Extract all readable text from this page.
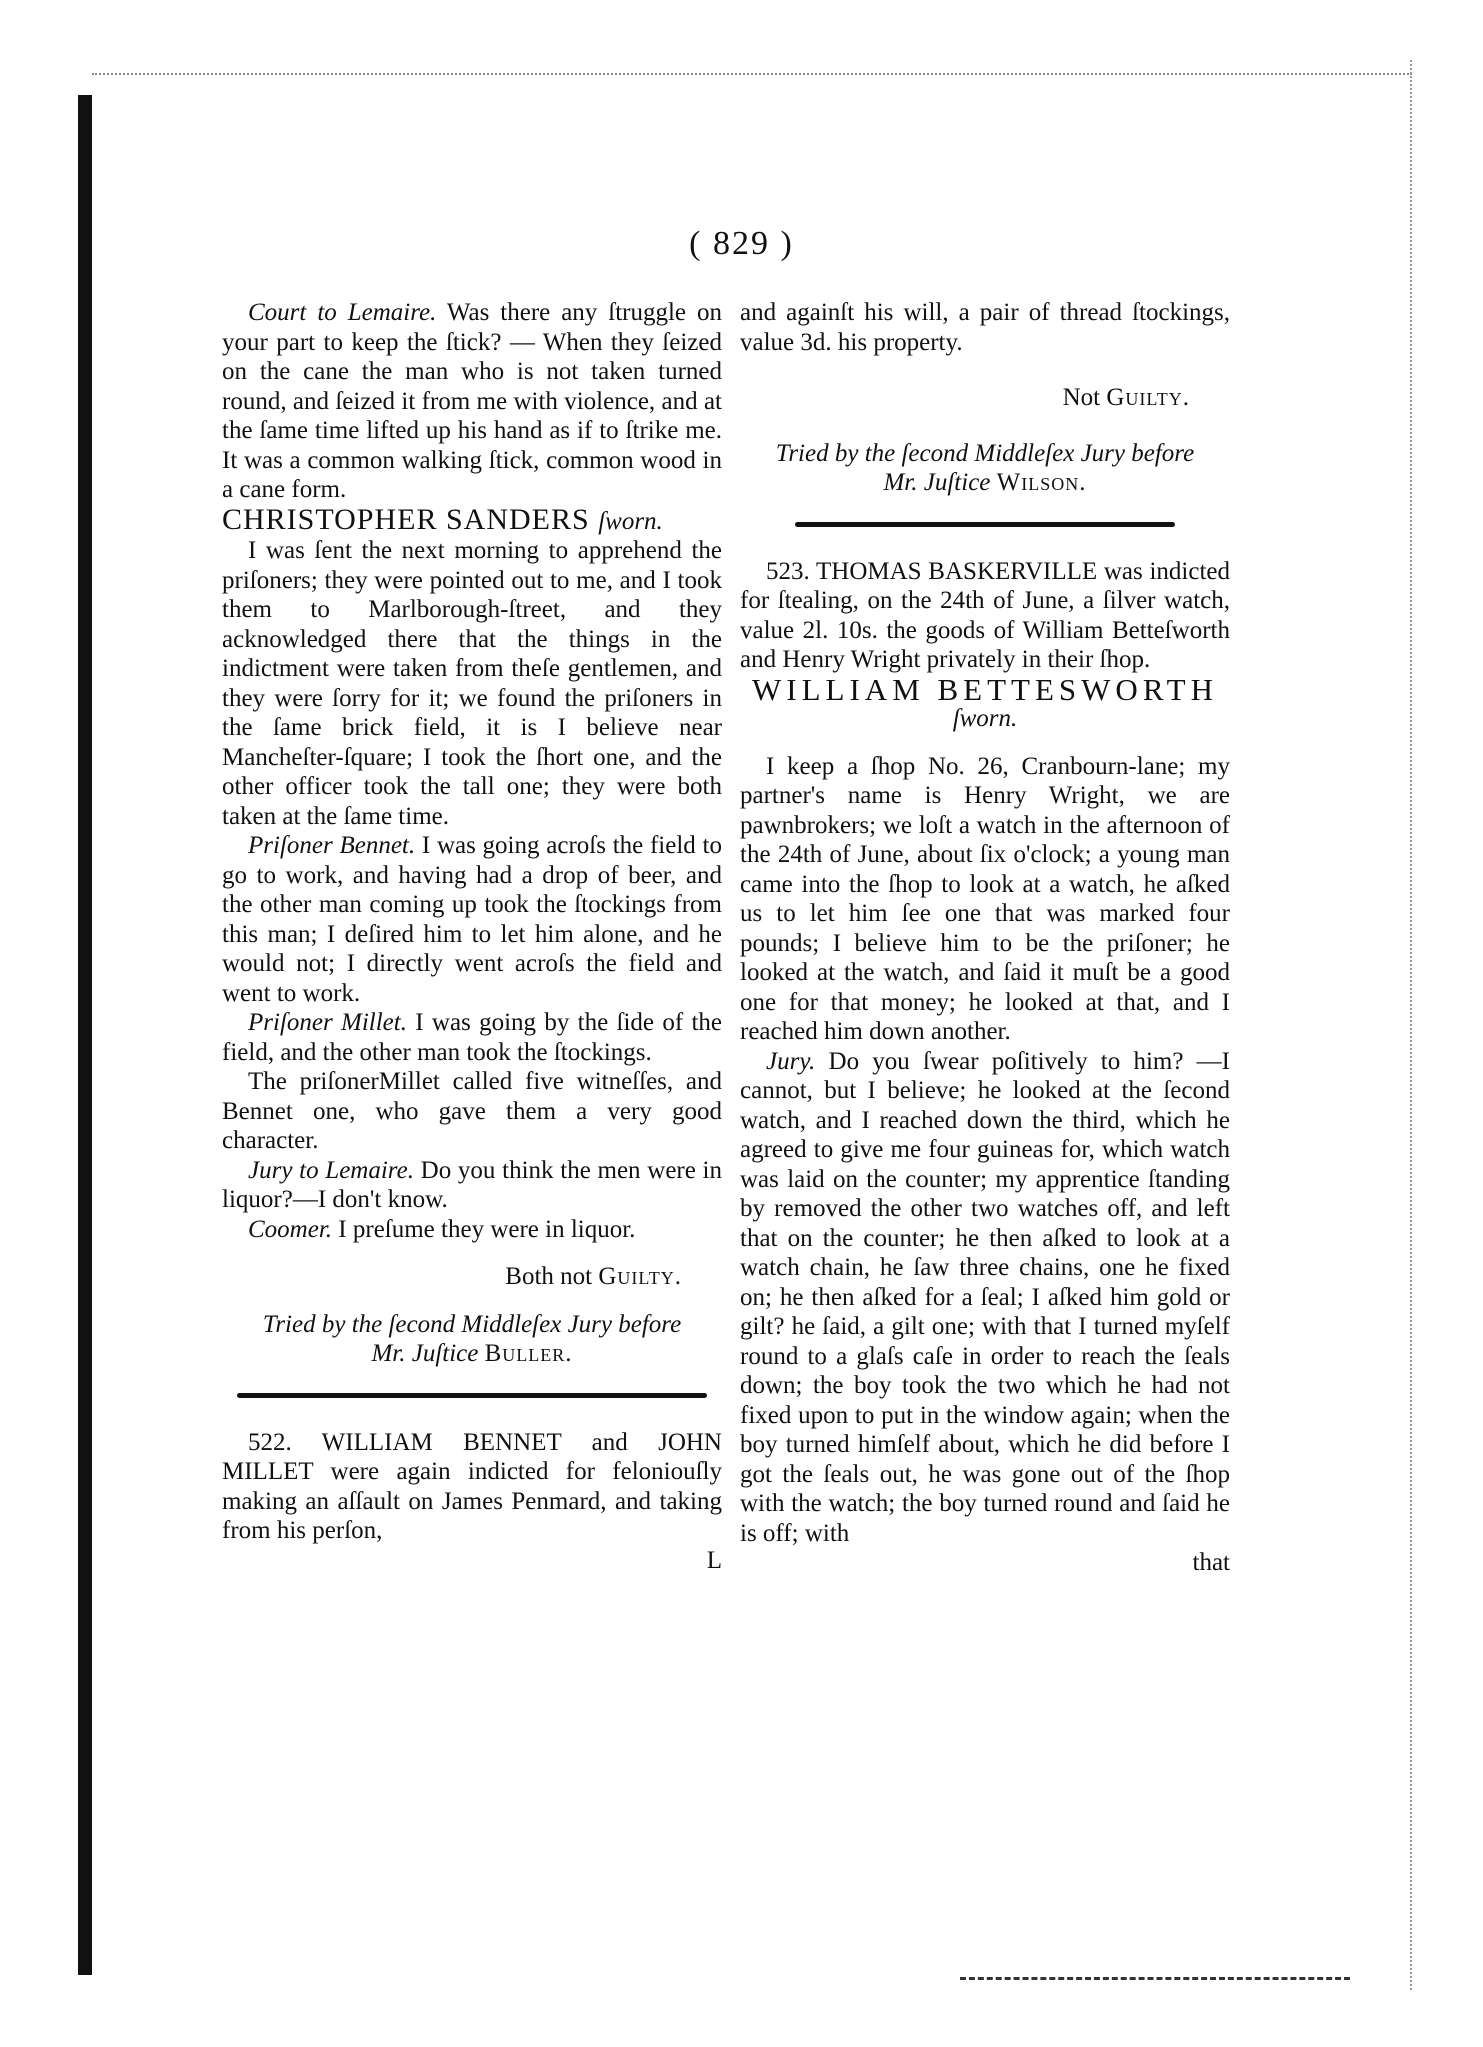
( 829 )

Court to Lemaire. Was there any ſtruggle on your part to keep the ſtick? — When they ſeized on the cane the man who is not taken turned round, and ſeized it from me with violence, and at the ſame time lifted up his hand as if to ſtrike me. It was a common walking ſtick, common wood in a cane form.

CHRISTOPHER SANDERS ſworn.

I was ſent the next morning to apprehend the priſoners; they were pointed out to me, and I took them to Marlborough-ſtreet, and they acknowledged there that the things in the indictment were taken from theſe gentlemen, and they were ſorry for it; we found the priſoners in the ſame brick field, it is I believe near Mancheſter-ſquare; I took the ſhort one, and the other officer took the tall one; they were both taken at the ſame time.

Priſoner Bennet. I was going acroſs the field to go to work, and having had a drop of beer, and the other man coming up took the ſtockings from this man; I deſired him to let him alone, and he would not; I directly went acroſs the field and went to work.

Priſoner Millet. I was going by the ſide of the field, and the other man took the ſtockings.

The priſonerMillet called five witneſſes, and Bennet one, who gave them a very good character.

Jury to Lemaire. Do you think the men were in liquor?—I don't know.

Coomer. I preſume they were in liquor.

Both not Guilty.

Tried by the ſecond Middleſex Jury before

Mr. Juſtice Buller.

522. WILLIAM BENNET and JOHN MILLET were again indicted for feloniouſly making an aſſault on James Penmard, and taking from his perſon,

L

and againſt his will, a pair of thread ſtockings, value 3d. his property.

Not Guilty.

Tried by the ſecond Middleſex Jury before

Mr. Juſtice Wilson.

523. THOMAS BASKERVILLE was indicted for ſtealing, on the 24th of June, a ſilver watch, value 2l. 10s. the goods of William Betteſworth and Henry Wright privately in their ſhop.

WILLIAM BETTESWORTH

ſworn.

I keep a ſhop No. 26, Cranbourn-lane; my partner's name is Henry Wright, we are pawnbrokers; we loſt a watch in the afternoon of the 24th of June, about ſix o'clock; a young man came into the ſhop to look at a watch, he aſked us to let him ſee one that was marked four pounds; I believe him to be the priſoner; he looked at the watch, and ſaid it muſt be a good one for that money; he looked at that, and I reached him down another.

Jury. Do you ſwear poſitively to him? —I cannot, but I believe; he looked at the ſecond watch, and I reached down the third, which he agreed to give me four guineas for, which watch was laid on the counter; my apprentice ſtanding by removed the other two watches off, and left that on the counter; he then aſked to look at a watch chain, he ſaw three chains, one he fixed on; he then aſked for a ſeal; I aſked him gold or gilt? he ſaid, a gilt one; with that I turned myſelf round to a glaſs caſe in order to reach the ſeals down; the boy took the two which he had not fixed upon to put in the window again; when the boy turned himſelf about, which he did before I got the ſeals out, he was gone out of the ſhop with the watch; the boy turned round and ſaid he is off; with

that
